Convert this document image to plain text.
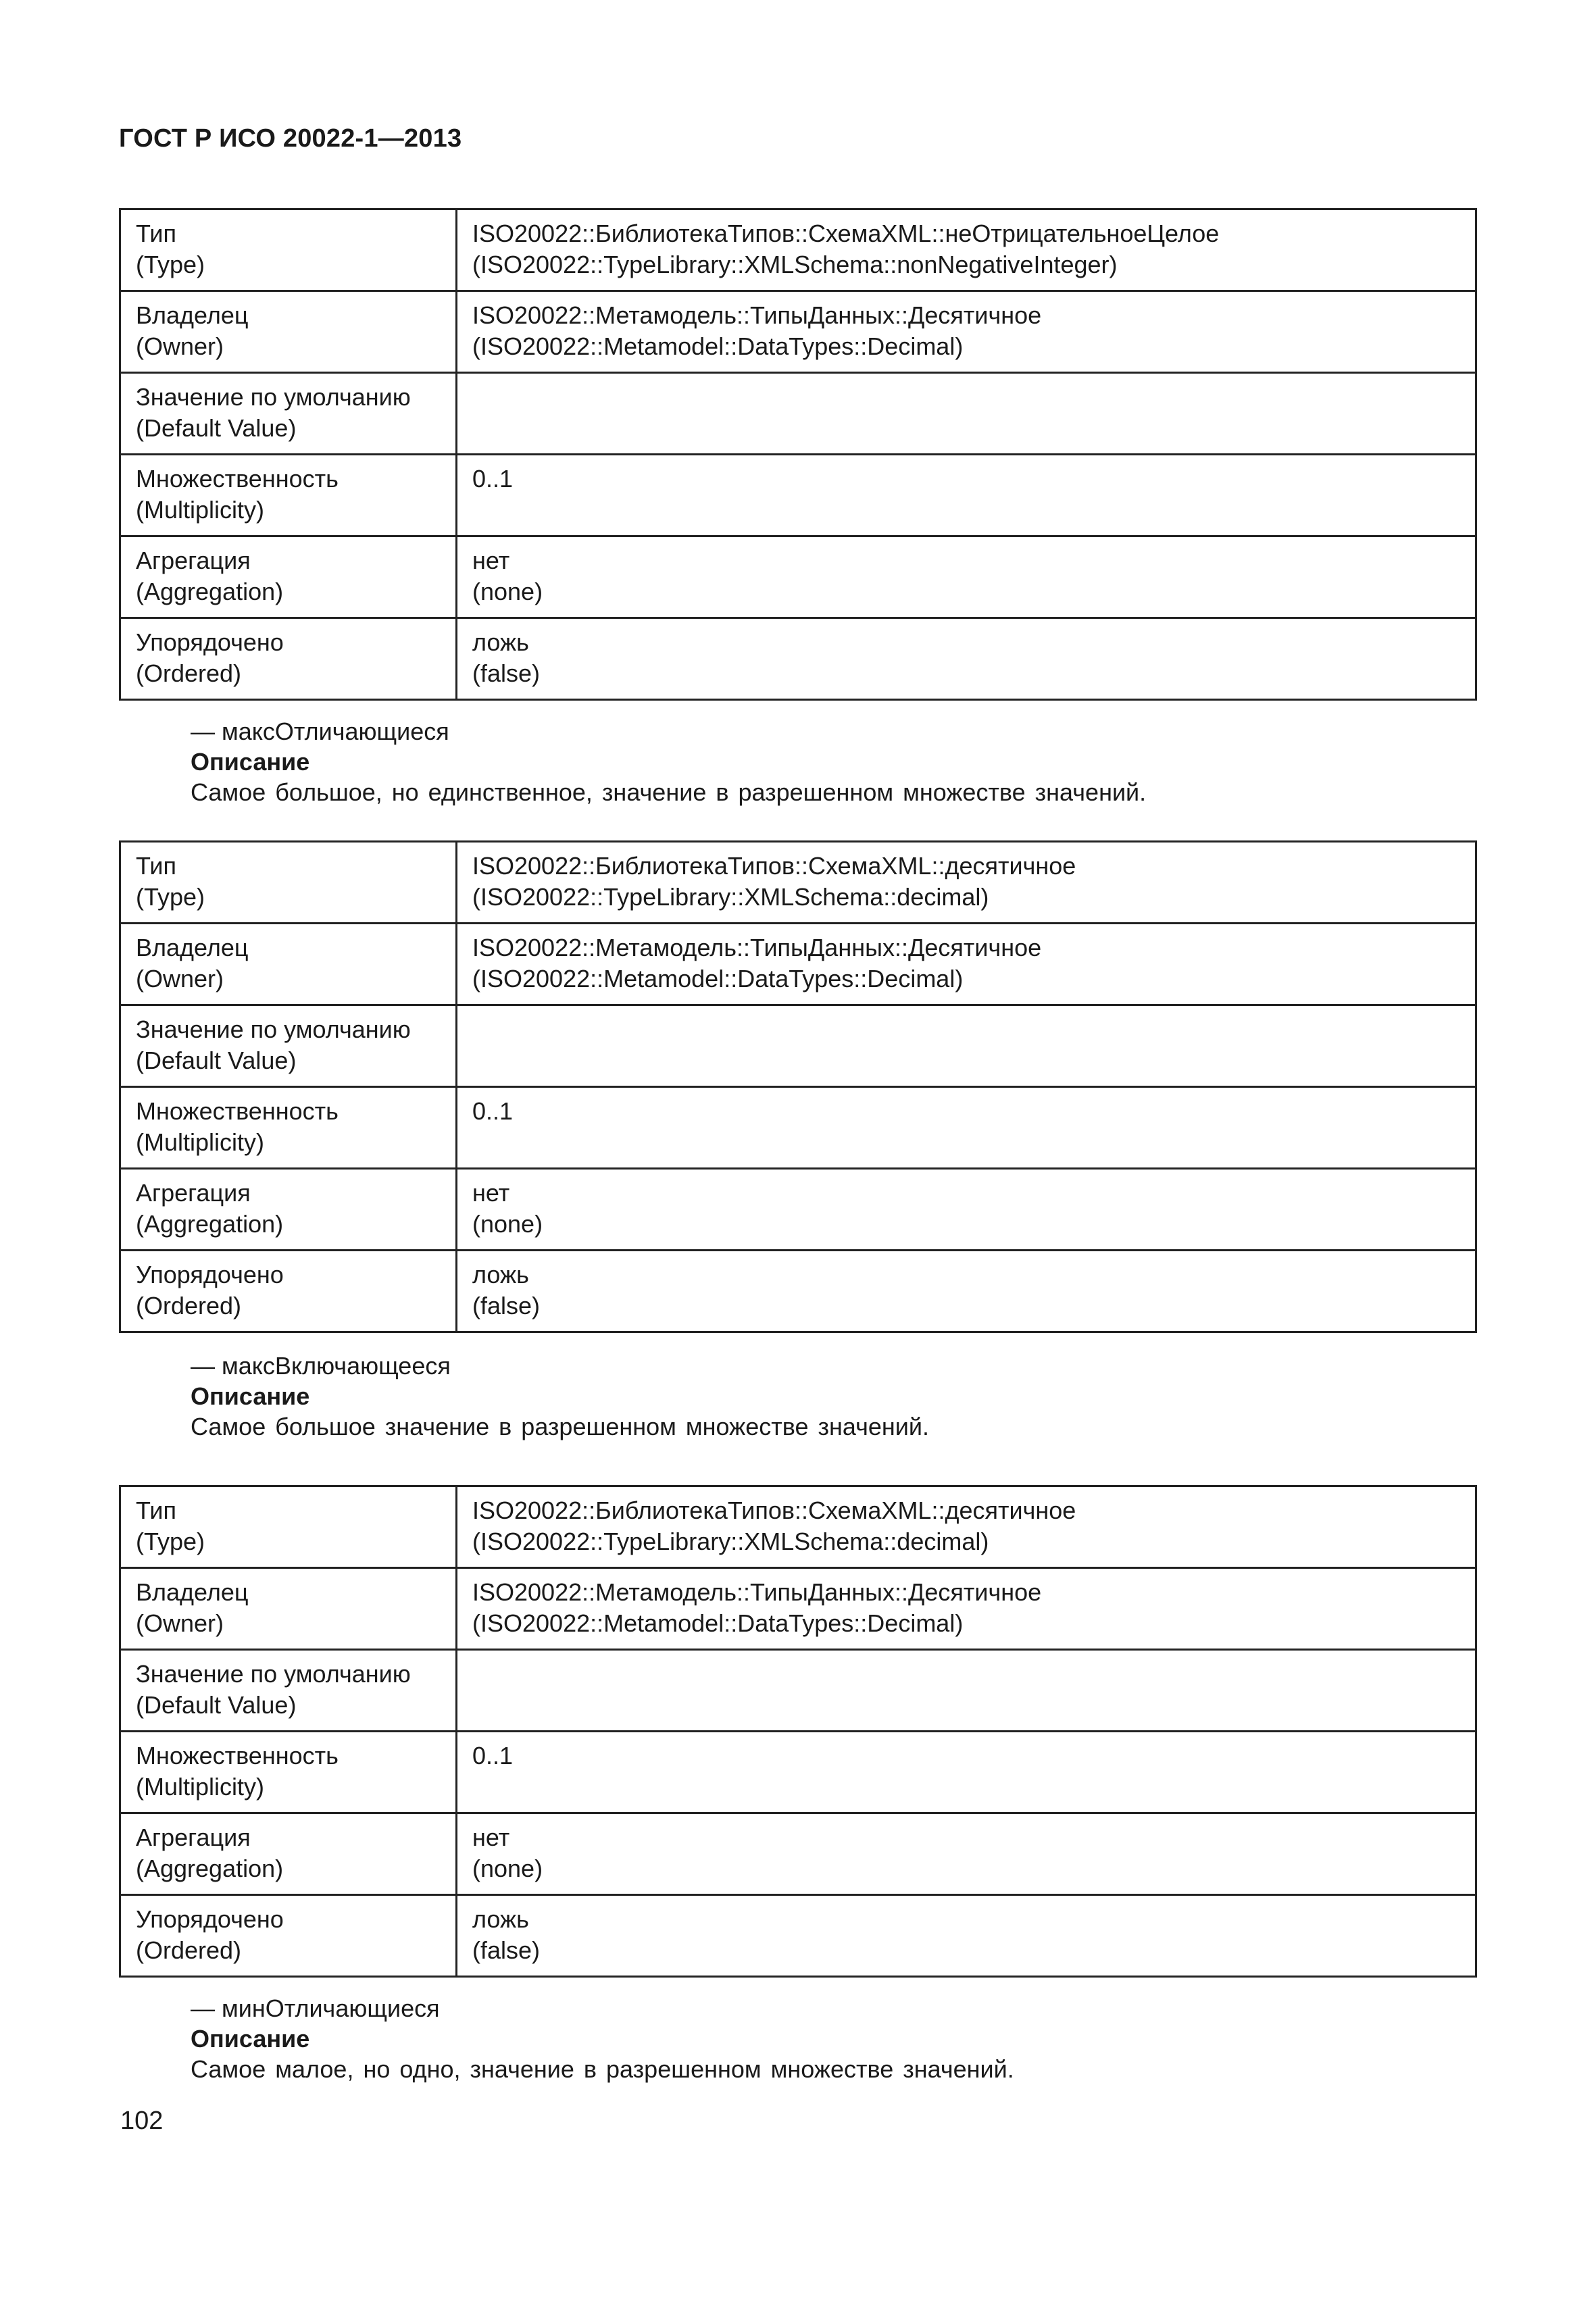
ГОСТ Р ИСО 20022-1—2013
Тип
(Type)	ISO20022::БиблиотекаТипов::СхемаXML::неОтрицательноеЦелое
(ISO20022::TypeLibrary::XMLSchema::nonNegativeInteger)

Владелец
(Owner)	ISO20022::Метамодель::ТипыДанных::Десятичное
(ISO20022::Metamodel::DataTypes::Decimal)

Значение по умолчанию
(Default Value)	

Множественность
(Multiplicity)	0..1

Агрегация
(Aggregation)	нет
(none)

Упорядочено
(Ordered)	ложь
(false)
— максОтличающиеся
Описание
Самое большое, но единственное, значение в разрешенном множестве значений.
Тип
(Type)	ISO20022::БиблиотекаТипов::СхемаXML::десятичное
(ISO20022::TypeLibrary::XMLSchema::decimal)

Владелец
(Owner)	ISO20022::Метамодель::ТипыДанных::Десятичное
(ISO20022::Metamodel::DataTypes::Decimal)

Значение по умолчанию
(Default Value)	

Множественность
(Multiplicity)	0..1

Агрегация
(Aggregation)	нет
(none)

Упорядочено
(Ordered)	ложь
(false)
— максВключающееся
Описание
Самое большое значение в разрешенном множестве значений.
Тип
(Type)	ISO20022::БиблиотекаТипов::СхемаXML::десятичное
(ISO20022::TypeLibrary::XMLSchema::decimal)

Владелец
(Owner)	ISO20022::Метамодель::ТипыДанных::Десятичное
(ISO20022::Metamodel::DataTypes::Decimal)

Значение по умолчанию
(Default Value)	

Множественность
(Multiplicity)	0..1

Агрегация
(Aggregation)	нет
(none)

Упорядочено
(Ordered)	ложь
(false)
— минОтличающиеся
Описание
Самое малое, но одно, значение в разрешенном множестве значений.
102
